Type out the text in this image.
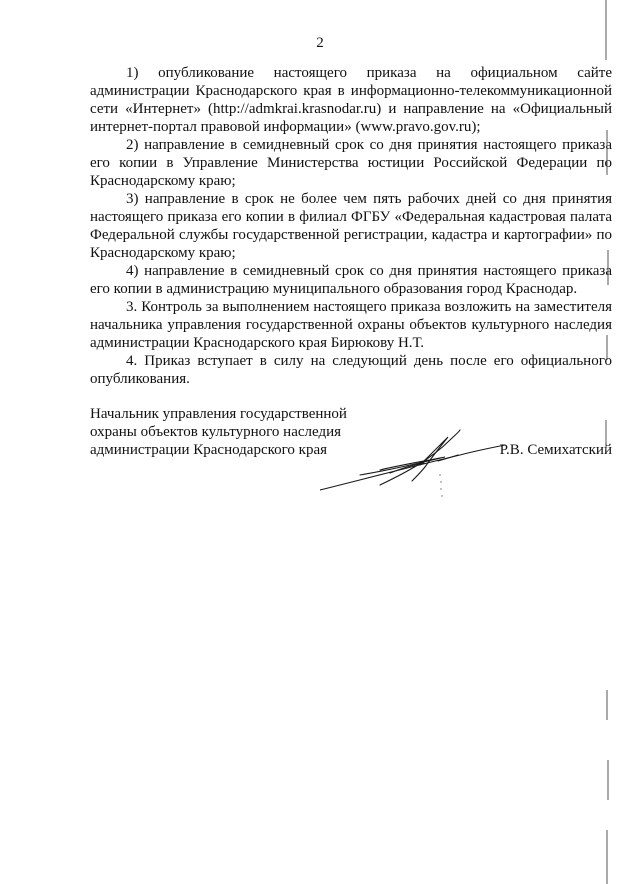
2

1) опубликование настоящего приказа на официальном сайте администрации Краснодарского края в информационно-телекоммуникационной сети «Интернет» (http://admkrai.krasnodar.ru) и направление на «Официальный интернет-портал правовой информации» (www.pravo.gov.ru);

2) направление в семидневный срок со дня принятия настоящего приказа его копии в Управление Министерства юстиции Российской Федерации по Краснодарскому краю;

3) направление в срок не более чем пять рабочих дней со дня принятия настоящего приказа его копии в филиал ФГБУ «Федеральная кадастровая палата Федеральной службы государственной регистрации, кадастра и картографии» по Краснодарскому краю;

4) направление в семидневный срок со дня принятия настоящего приказа его копии в администрацию муниципального образования город Краснодар.

3. Контроль за выполнением настоящего приказа возложить на заместителя начальника управления государственной охраны объектов культурного наследия администрации Краснодарского края Бирюкову Н.Т.

4. Приказ вступает в силу на следующий день после его официального опубликования.

Начальник управления государственной
охраны объектов культурного наследия
администрации Краснодарского края	Р.В. Семихатский
